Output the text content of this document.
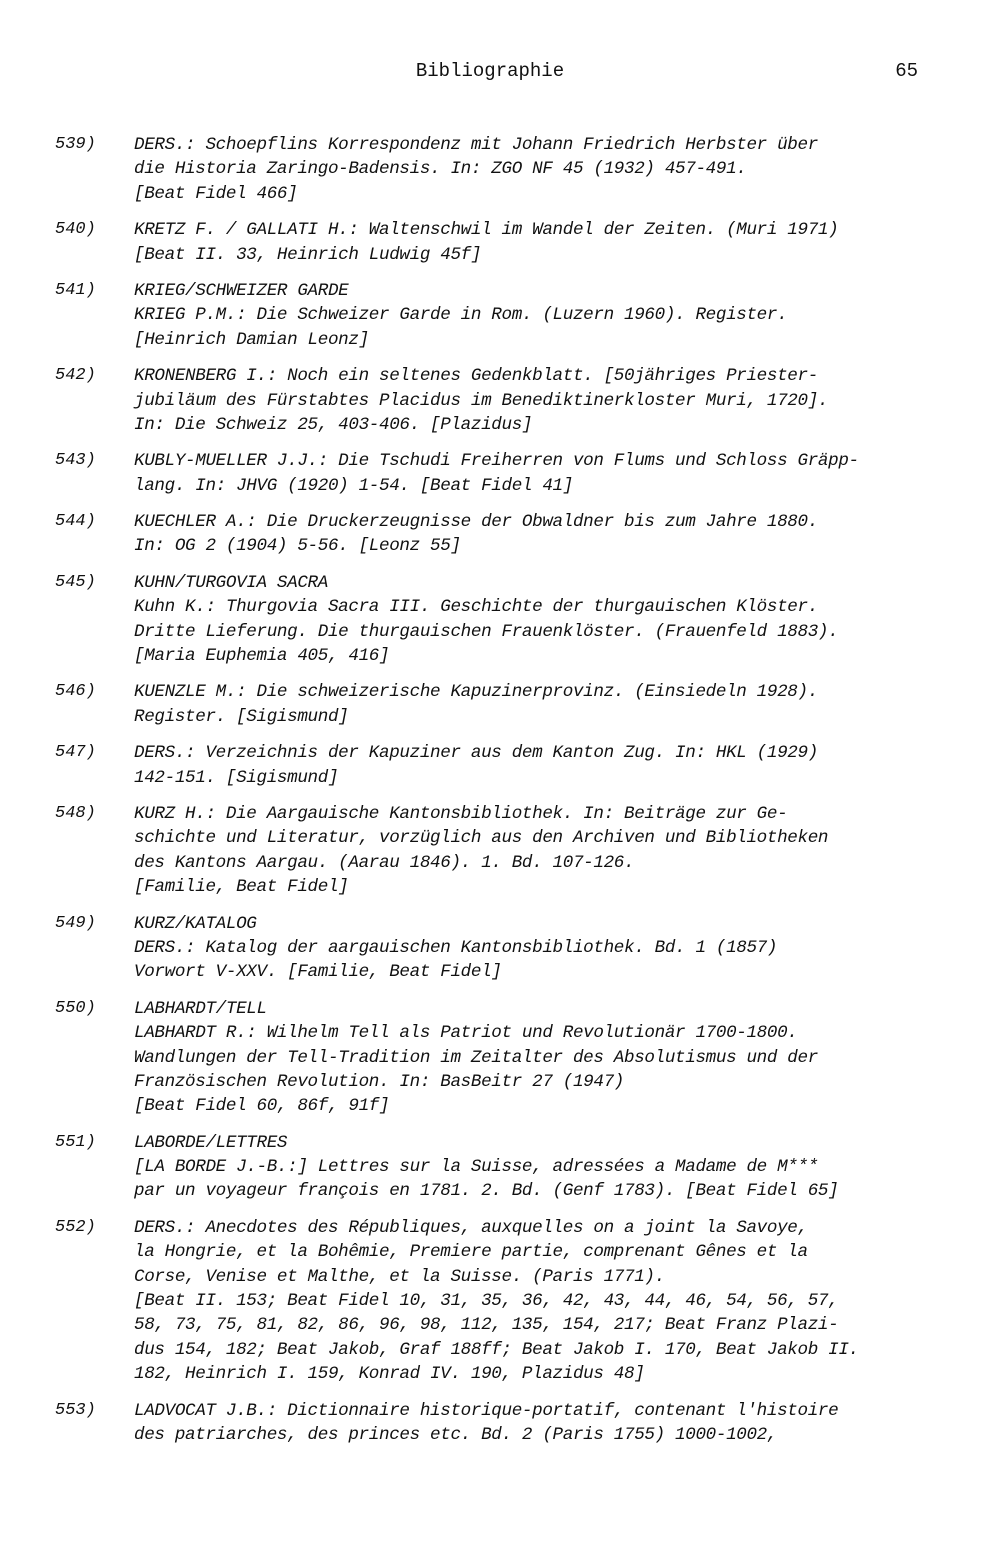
Bibliographie	65
539)	DERS.: Schoepflins Korrespondenz mit Johann Friedrich Herbster über
die Historia Zaringo-Badensis. In: ZGO NF 45 (1932) 457-491.
[Beat Fidel 466]
540)	KRETZ F. / GALLATI H.: Waltenschwil im Wandel der Zeiten. (Muri 1971)
[Beat II. 33, Heinrich Ludwig 45f]
541)	KRIEG/SCHWEIZER GARDE
KRIEG P.M.: Die Schweizer Garde in Rom. (Luzern 1960). Register.
[Heinrich Damian Leonz]
542)	KRONENBERG I.: Noch ein seltenes Gedenkblatt. [50jähriges Priester-
jubiläum des Fürstabtes Placidus im Benediktinerkloster Muri, 1720].
In: Die Schweiz 25, 403-406. [Plazidus]
543)	KUBLY-MUELLER J.J.: Die Tschudi Freiherren von Flums und Schloss Gräpp-
lang. In: JHVG (1920) 1-54. [Beat Fidel 41]
544)	KUECHLER A.: Die Druckerzeugnisse der Obwaldner bis zum Jahre 1880.
In: OG 2 (1904) 5-56. [Leonz 55]
545)	KUHN/TURGOVIA SACRA
Kuhn K.: Thurgovia Sacra III. Geschichte der thurgauischen Klöster.
Dritte Lieferung. Die thurgauischen Frauenklöster. (Frauenfeld 1883).
[Maria Euphemia 405, 416]
546)	KUENZLE M.: Die schweizerische Kapuzinerprovinz. (Einsiedeln 1928).
Register. [Sigismund]
547)	DERS.: Verzeichnis der Kapuziner aus dem Kanton Zug. In: HKL (1929)
142-151. [Sigismund]
548)	KURZ H.: Die Aargauische Kantonsbibliothek. In: Beiträge zur Ge-
schichte und Literatur, vorzüglich aus den Archiven und Bibliotheken
des Kantons Aargau. (Aarau 1846). 1. Bd. 107-126.
[Familie, Beat Fidel]
549)	KURZ/KATALOG
DERS.: Katalog der aargauischen Kantonsbibliothek. Bd. 1 (1857)
Vorwort V-XXV. [Familie, Beat Fidel]
550)	LABHARDT/TELL
LABHARDT R.: Wilhelm Tell als Patriot und Revolutionär 1700-1800.
Wandlungen der Tell-Tradition im Zeitalter des Absolutismus und der
Französischen Revolution. In: BasBeitr 27 (1947)
[Beat Fidel 60, 86f, 91f]
551)	LABORDE/LETTRES
[LA BORDE J.-B.:] Lettres sur la Suisse, adressées a Madame de M***
par un voyageur françois en 1781. 2. Bd. (Genf 1783). [Beat Fidel 65]
552)	DERS.: Anecdotes des Républiques, auxquelles on a joint la Savoye,
la Hongrie, et la Bohêmie, Premiere partie, comprenant Gênes et la
Corse, Venise et Malthe, et la Suisse. (Paris 1771).
[Beat II. 153; Beat Fidel 10, 31, 35, 36, 42, 43, 44, 46, 54, 56, 57,
58, 73, 75, 81, 82, 86, 96, 98, 112, 135, 154, 217; Beat Franz Plazi-
dus 154, 182; Beat Jakob, Graf 188ff; Beat Jakob I. 170, Beat Jakob II.
182, Heinrich I. 159, Konrad IV. 190, Plazidus 48]
553)	LADVOCAT J.B.: Dictionnaire historique-portatif, contenant l'histoire
des patriarches, des princes etc. Bd. 2 (Paris 1755) 1000-1002,
